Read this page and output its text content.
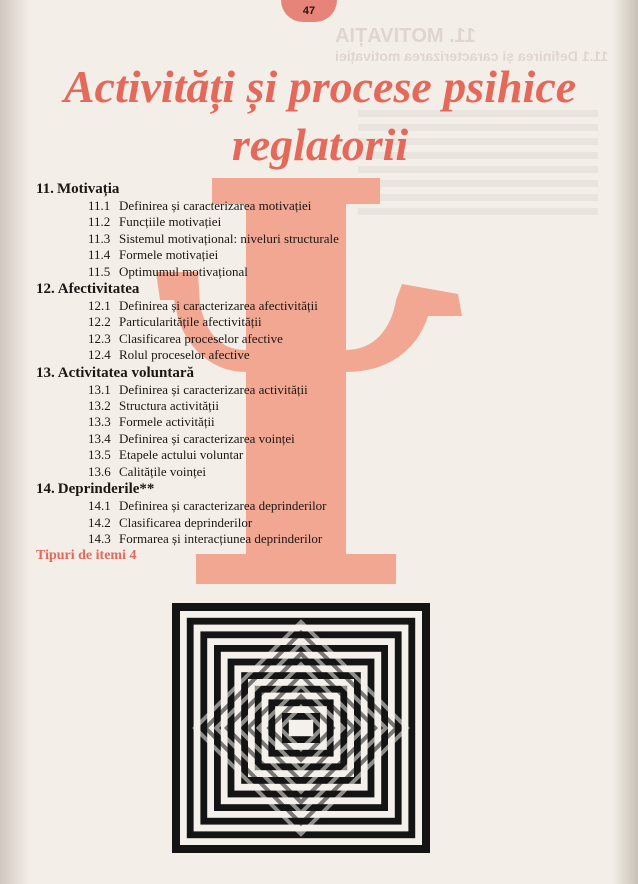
11. MOTIVAȚIA
11.1 Definirea și caracterizarea motivației
47
Activități și procese psihice
reglatorii
11. Motivația
11.1 Definirea și caracterizarea motivației
11.2 Funcțiile motivației
11.3 Sistemul motivațional: niveluri structurale
11.4 Formele motivației
11.5 Optimumul motivațional
12. Afectivitatea
12.1 Definirea și caracterizarea afectivității
12.2 Particularitățile afectivității
12.3 Clasificarea proceselor afective
12.4 Rolul proceselor afective
13. Activitatea voluntară
13.1 Definirea și caracterizarea activității
13.2 Structura activității
13.3 Formele activității
13.4 Definirea și caracterizarea voinței
13.5 Etapele actului voluntar
13.6 Calitățile voinței
14. Deprinderile**
14.1 Definirea și caracterizarea deprinderilor
14.2 Clasificarea deprinderilor
14.3 Formarea și interacțiunea deprinderilor
Tipuri de itemi 4
